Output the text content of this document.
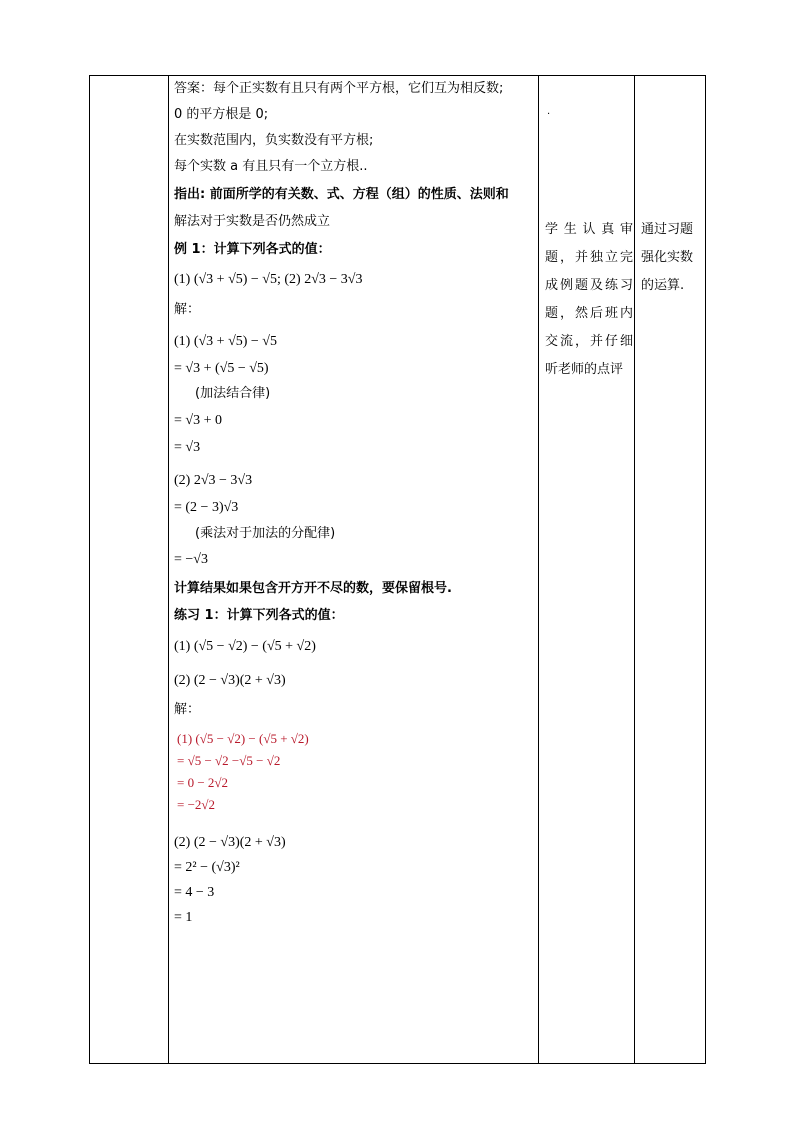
答案：每个正实数有且只有两个平方根，它们互为相反数;
0 的平方根是 0;
在实数范围内，负实数没有平方根;
每个实数 a 有且只有一个立方根..
指出: 前面所学的有关数、式、方程（组）的性质、法则和
解法对于实数是否仍然成立
例 1：计算下列各式的值：
(1) (√3 + √5) − √5; (2) 2√3 − 3√3
解：
(1) (√3 + √5) − √5
= √3 + (√5 − √5)
(加法结合律)
= √3 + 0
= √3
(2) 2√3 − 3√3
= (2 − 3)√3
(乘法对于加法的分配律)
= −√3
计算结果如果包含开方开不尽的数，要保留根号.
练习 1：计算下列各式的值：
(1) (√5 − √2) − (√5 + √2)
(2) (2 − √3)(2 + √3)
解：
(1) (√5 − √2) − (√5 + √2)
= √5 − √2 −√5 − √2
= 0 − 2√2
= −2√2
(2) (2 − √3)(2 + √3)
= 2² − (√3)²
= 4 − 3
= 1
.
学生认真审题，并独立完成例题及练习题，然后班内交流，并仔细听老师的点评
通过习题强化实数的运算.
